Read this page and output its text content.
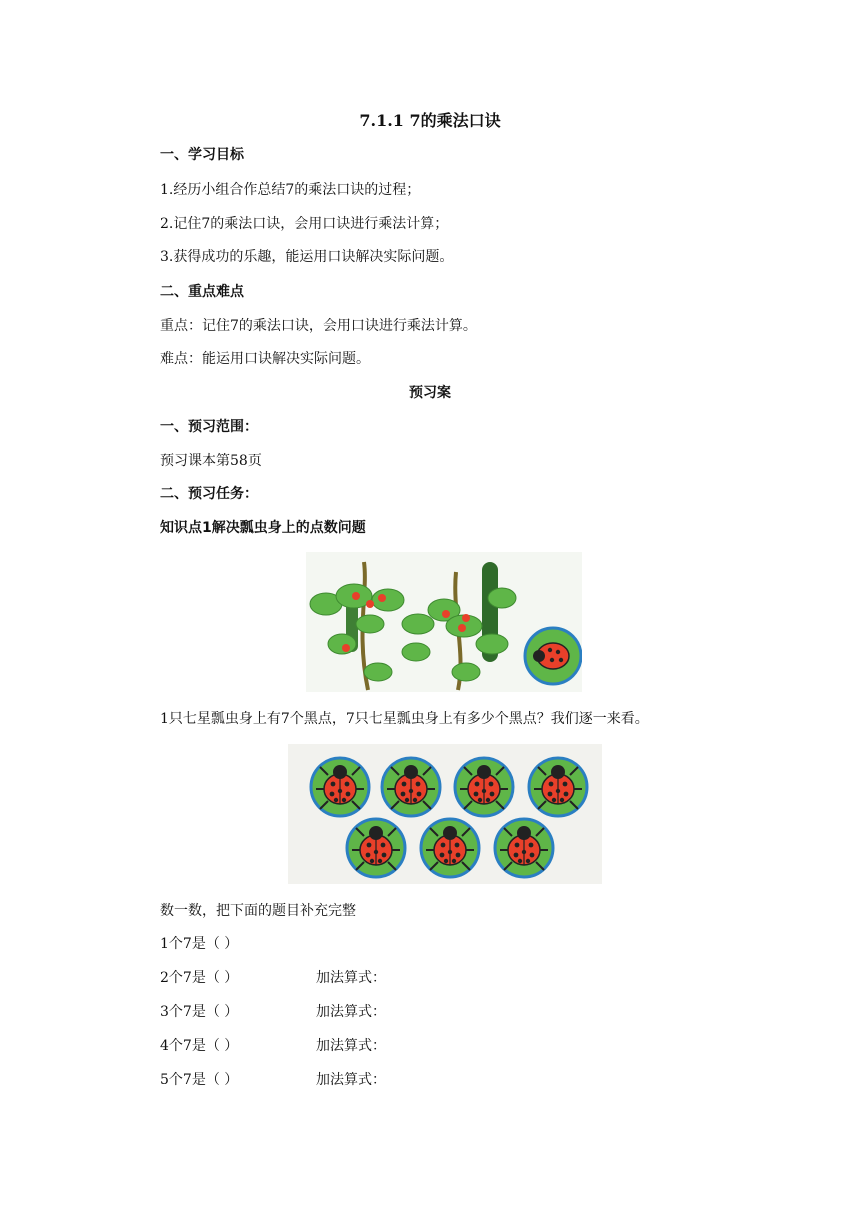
7.1.1 7的乘法口诀
一、学习目标
1.经历小组合作总结7的乘法口诀的过程；
2.记住7的乘法口诀，会用口诀进行乘法计算；
3.获得成功的乐趣，能运用口诀解决实际问题。
二、重点难点
重点：记住7的乘法口诀，会用口诀进行乘法计算。
难点：能运用口诀解决实际问题。
预习案
一、预习范围：
预习课本第58页
二、预习任务：
知识点1解决瓢虫身上的点数问题
1只七星瓢虫身上有7个黑点，7只七星瓢虫身上有多少个黑点？我们逐一来看。
数一数，把下面的题目补充完整
1个7是（ ）
2个7是（ ）	加法算式：
3个7是（ ）	加法算式：
4个7是（ ）	加法算式：
5个7是（ ）	加法算式：
